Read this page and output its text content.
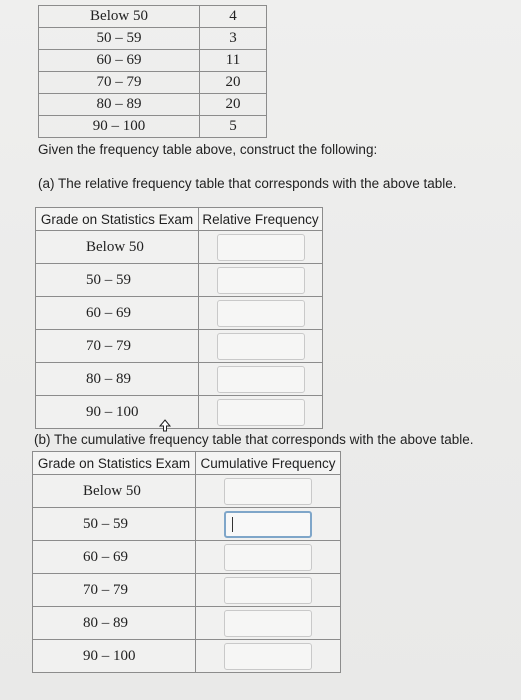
Below 50	4
50 – 59	3
60 – 69	11
70 – 79	20
80 – 89	20
90 – 100	5
Given the frequency table above, construct the following:
(a) The relative frequency table that corresponds with the above table.
Grade on Statistics Exam	Relative Frequency
Below 50	
50 – 59	
60 – 69	
70 – 79	
80 – 89	
90 – 100	
(b) The cumulative frequency table that corresponds with the above table.
Grade on Statistics Exam	Cumulative Frequency
Below 50	
50 – 59	

60 – 69	
70 – 79	
80 – 89	
90 – 100	
